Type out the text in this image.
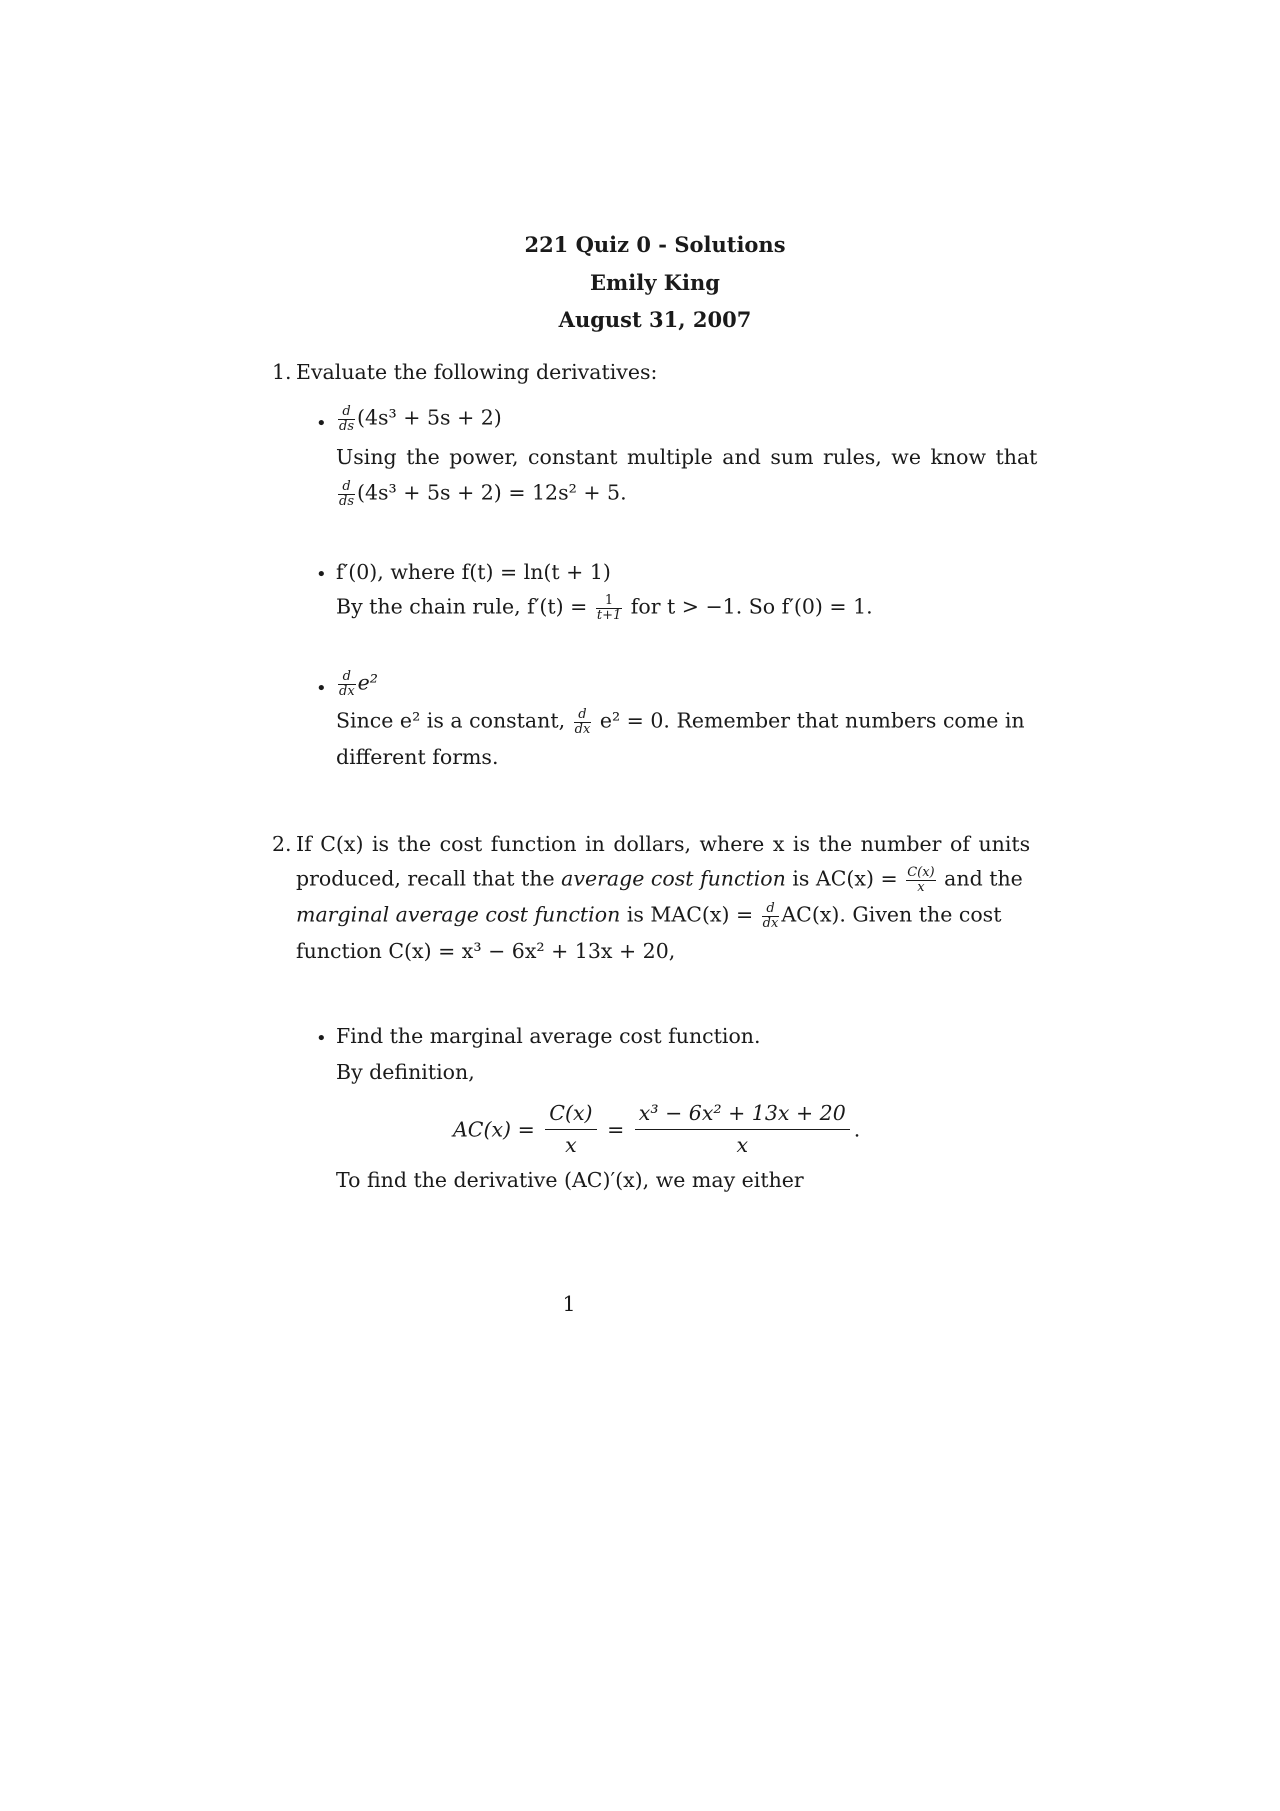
221 Quiz 0 - Solutions
Emily King
August 31, 2007
1. Evaluate the following derivatives:
• $\frac{d}{ds} (4s^3 + 5s + 2)$
Using the power, constant multiple and sum rules, we know that
$\frac{d}{ds} (4s^3 + 5s + 2) = 12s^2 + 5$.
• f′(0), where f(t) = ln(t + 1)
By the chain rule, $f'(t) = \frac{1}{t+1}$ for t > −1. So f′(0) = 1.
• $\frac{d}{dx} e^2$
Since e² is a constant, $\frac{d}{dx} e^2 = 0$. Remember that numbers come in
different forms.
2. If C(x) is the cost function in dollars, where x is the number of units
produced, recall that the average cost function is $AC(x) = \frac{C(x)}{x}$ and the
marginal average cost function is $MAC(x) = \frac{d}{dx} AC(x)$. Given the cost
function C(x) = x³ − 6x² + 13x + 20,
• Find the marginal average cost function.
By definition,
$AC(x) = \frac{C(x)}{x} = \frac{\text{x³ − 6x² + 13x + 20}}{x}$ .
To find the derivative (AC)′(x), we may either
1
